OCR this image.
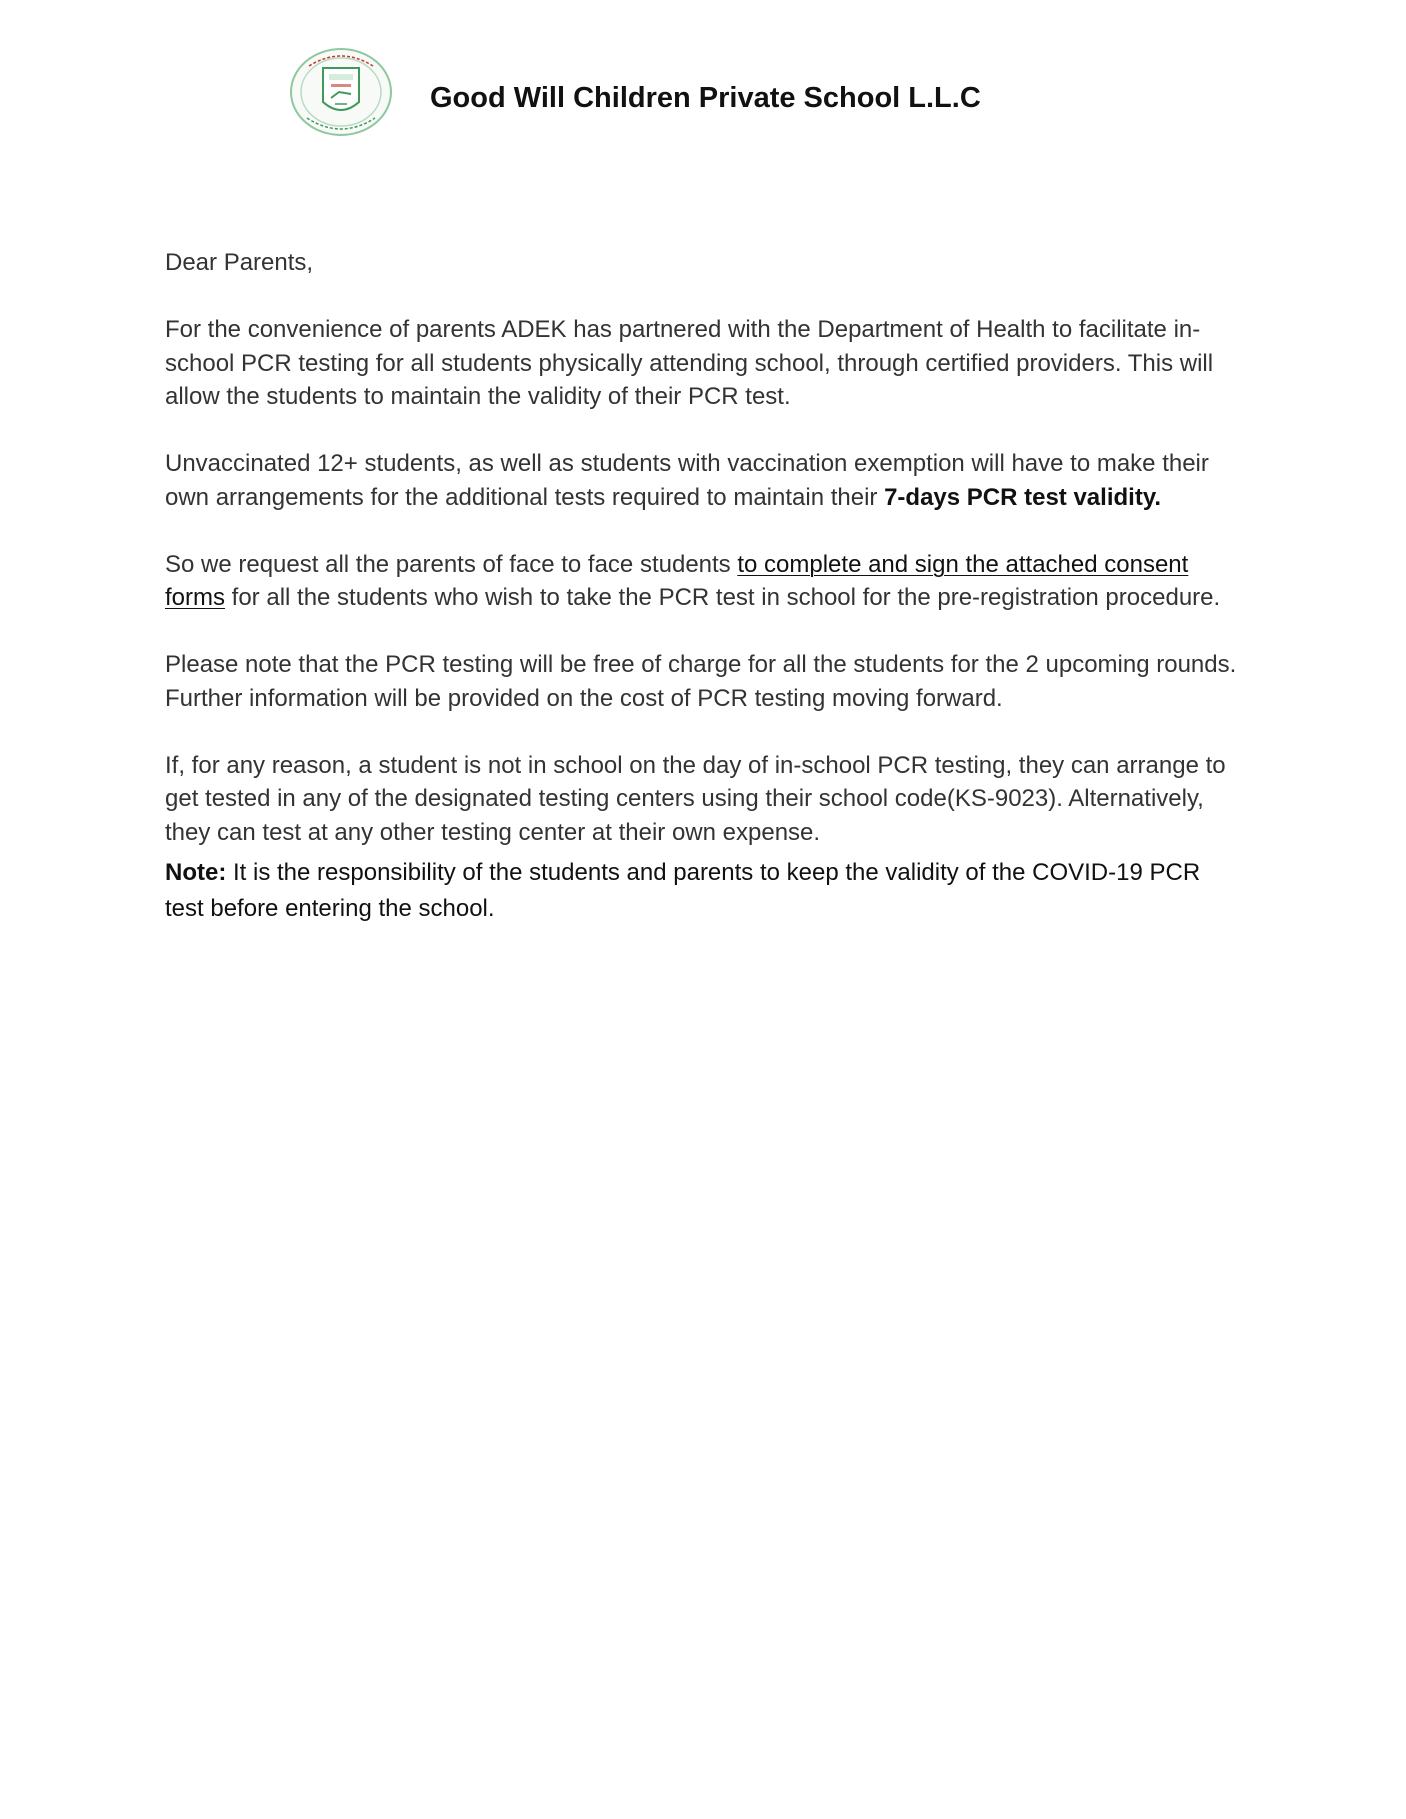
Good Will Children Private School L.L.C

Dear Parents,

For the convenience of parents ADEK has partnered with the Department of Health to facilitate in-school PCR testing for all students physically attending school, through certified providers. This will allow the students to maintain the validity of their PCR test.

Unvaccinated 12+ students, as well as students with vaccination exemption will have to make their own arrangements for the additional tests required to maintain their 7-days PCR test validity.

So we request all the parents of face to face students to complete and sign the attached consent forms for all the students who wish to take the PCR test in school for the pre-registration procedure.

Please note that the PCR testing will be free of charge for all the students for the 2 upcoming rounds. Further information will be provided on the cost of PCR testing moving forward.

If, for any reason, a student is not in school on the day of in-school PCR testing, they can arrange to get tested in any of the designated testing centers using their school code(KS-9023). Alternatively, they can test at any other testing center at their own expense.

Note: It is the responsibility of the students and parents to keep the validity of the COVID-19 PCR test before entering the school.
